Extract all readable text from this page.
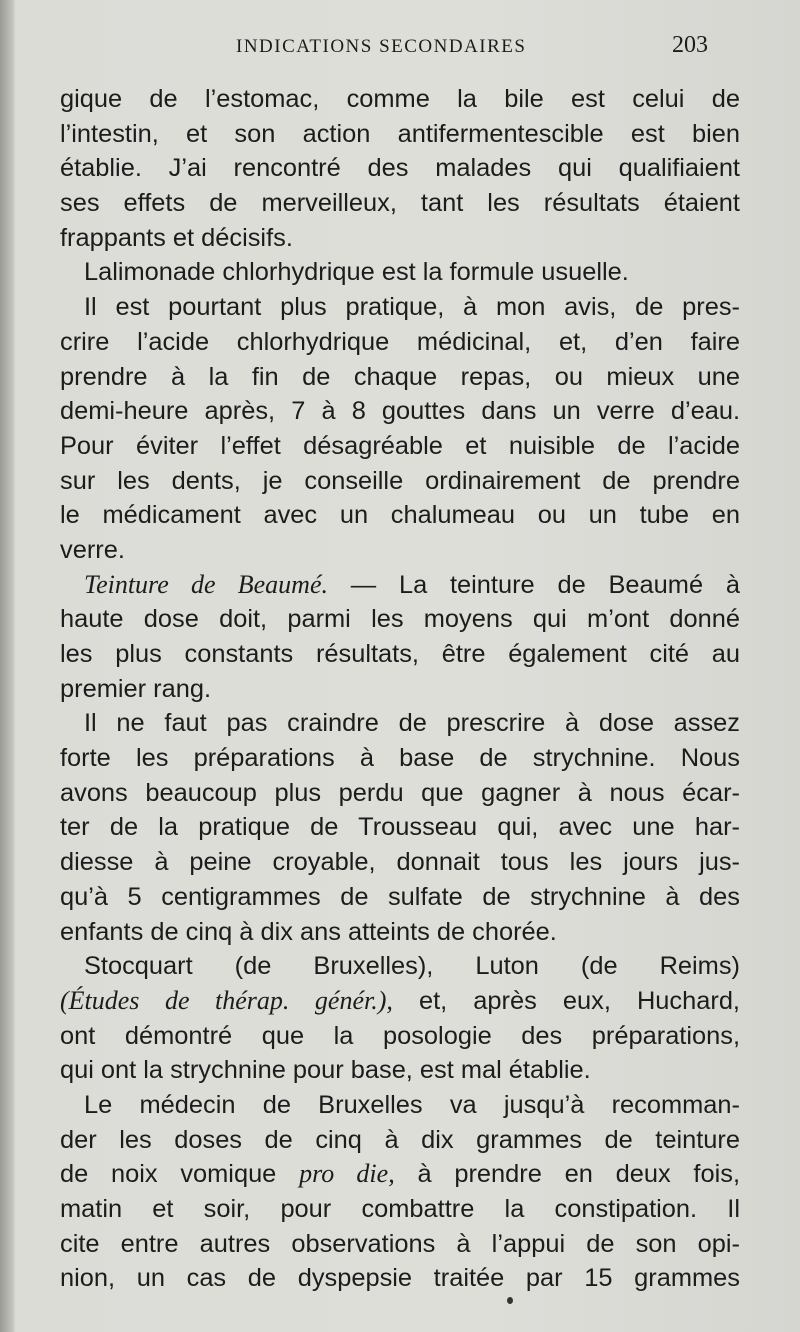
INDICATIONS SECONDAIRES	203
gique de l’estomac, comme la bile est celui de
l’intestin, et son action antifermentescible est bien
établie. J’ai rencontré des malades qui qualifiaient
ses effets de merveilleux, tant les résultats étaient
frappants et décisifs.
Lalimonade chlorhydrique est la formule usuelle.
Il est pourtant plus pratique, à mon avis, de pres-
crire l’acide chlorhydrique médicinal, et, d’en faire
prendre à la fin de chaque repas, ou mieux une
demi-heure après, 7 à 8 gouttes dans un verre d’eau.
Pour éviter l’effet désagréable et nuisible de l’acide
sur les dents, je conseille ordinairement de prendre
le médicament avec un chalumeau ou un tube en
verre.
Teinture de Beaumé. — La teinture de Beaumé à
haute dose doit, parmi les moyens qui m’ont donné
les plus constants résultats, être également cité au
premier rang.
Il ne faut pas craindre de prescrire à dose assez
forte les préparations à base de strychnine. Nous
avons beaucoup plus perdu que gagner à nous écar-
ter de la pratique de Trousseau qui, avec une har-
diesse à peine croyable, donnait tous les jours jus-
qu’à 5 centigrammes de sulfate de strychnine à des
enfants de cinq à dix ans atteints de chorée.
Stocquart (de Bruxelles), Luton (de Reims)
(Études de thérap. génér.), et, après eux, Huchard,
ont démontré que la posologie des préparations,
qui ont la strychnine pour base, est mal établie.
Le médecin de Bruxelles va jusqu’à recomman-
der les doses de cinq à dix grammes de teinture
de noix vomique pro die, à prendre en deux fois,
matin et soir, pour combattre la constipation. Il
cite entre autres observations à l’appui de son opi-
nion, un cas de dyspepsie traitée par 15 grammes
